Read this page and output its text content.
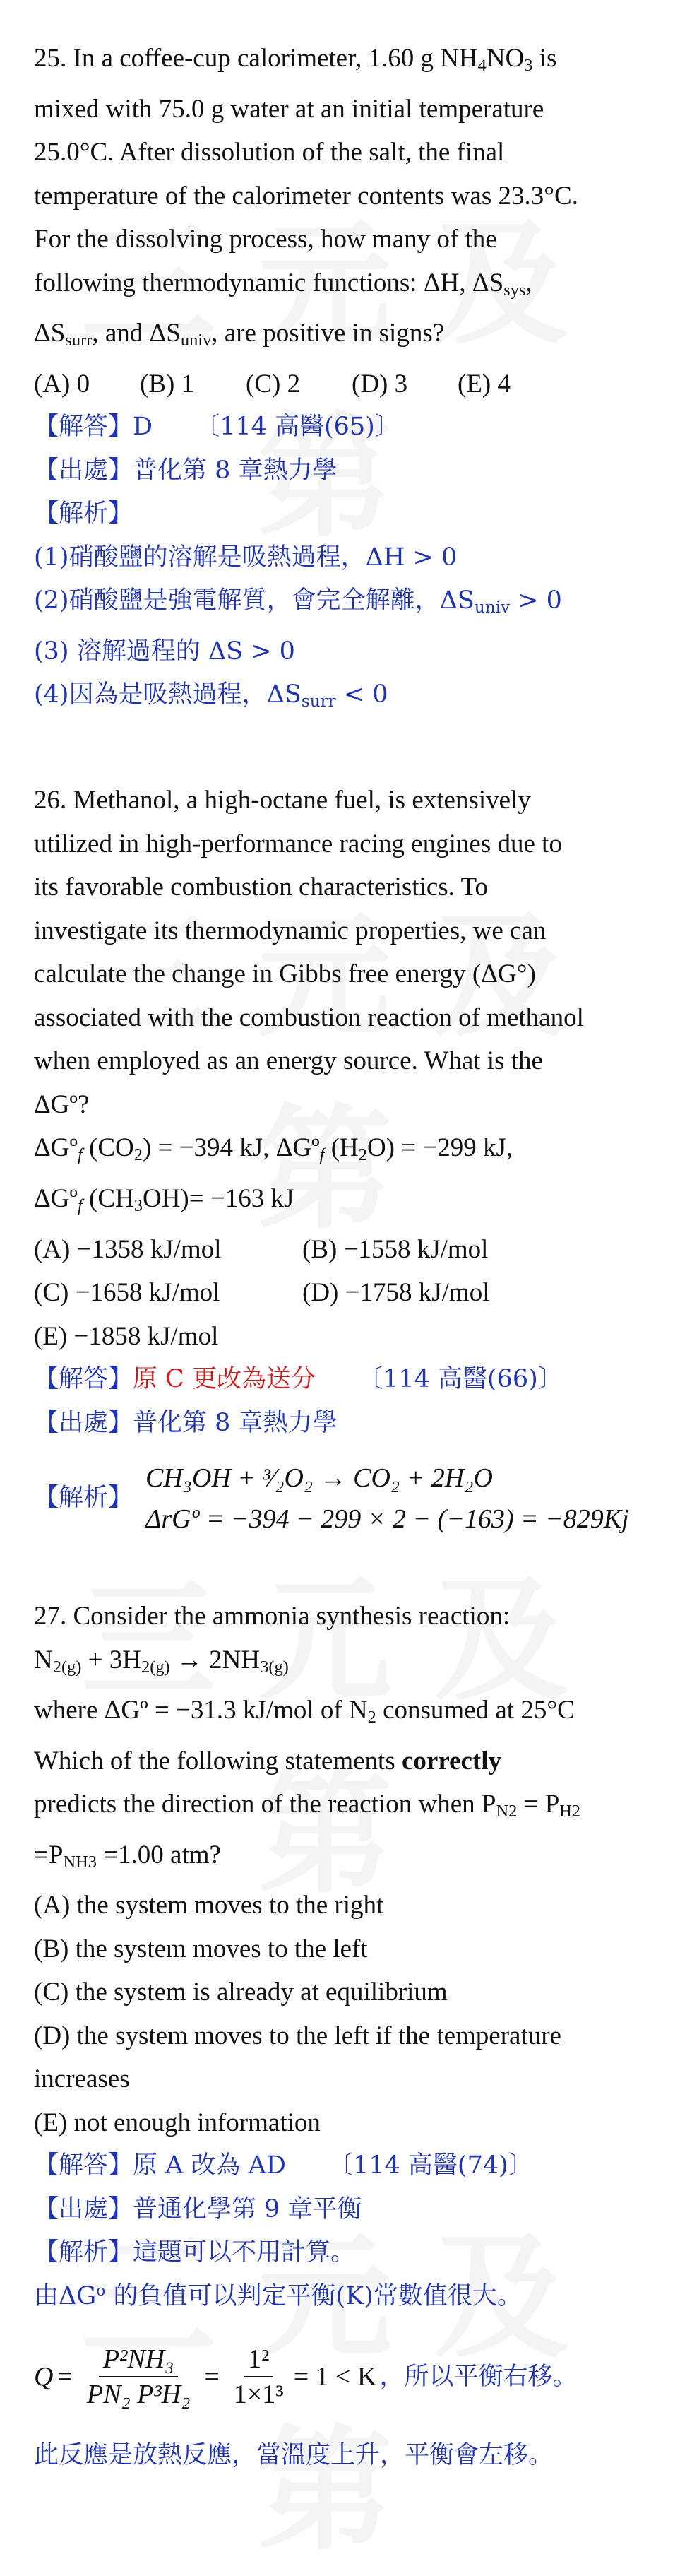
25. In a coffee-cup calorimeter, 1.60 g $NH_4NO_3$ is
mixed with 75.0 g water at an initial temperature
25.0°C. After dissolution of the salt, the final
temperature of the calorimeter contents was 23.3°C.
For the dissolving process, how many of the
following thermodynamic functions: ΔH, $\Delta S_{sys}$,
$\Delta S_{surr}$, and $\Delta S_{univ}$, are positive in signs?
(A) 0 (B) 1 (C) 2 (D) 3 (E) 4
【解答】D 〔114 高醫(65)〕
【出處】普化第 8 章熱力學
【解析】
(1)硝酸鹽的溶解是吸熱過程，ΔH > 0
(2)硝酸鹽是強電解質，會完全解離，$\Delta S_{univ} > 0$
(3) 溶解過程的 ΔS > 0
(4)因為是吸熱過程，$\Delta S_{surr} < 0$
26. Methanol, a high-octane fuel, is extensively
utilized in high-performance racing engines due to
its favorable combustion characteristics. To
investigate its thermodynamic properties, we can
calculate the change in Gibbs free energy (ΔG°)
associated with the combustion reaction of methanol
when employed as an energy source. What is the
ΔGº?
ΔGº$_f$ $(CO_2) = -394$ kJ, ΔGº$_f$ $(H_2O) = -299$ kJ,
ΔGº$_f$ $(CH_3OH)= -163$ kJ
(A) −1358 kJ/mol	(B) −1558 kJ/mol
(C) −1658 kJ/mol	(D) −1758 kJ/mol
(E) −1858 kJ/mol
【解答】原 C 更改為送分 〔114 高醫(66)〕
【出處】普化第 8 章熱力學
【解析】
CH₃OH + ³⁄₂O₂ → CO₂ + 2H₂O
ΔrGº = −394 − 299 × 2 − (−163) = −829Kj
27. Consider the ammonia synthesis reaction:
$N_{2(g)} + 3H_{2(g)} \to 2NH_{3(g)}$
where ΔGº = −31.3 kJ/mol of $N_2$ consumed at 25°C
Which of the following statements correctly
predicts the direction of the reaction when $P_{N2} = P_{H2}$
$=P_{NH3} =1.00$ atm?
(A) the system moves to the right
(B) the system moves to the left
(C) the system is already at equilibrium
(D) the system moves to the left if the temperature
increases
(E) not enough information
【解答】原 A 改為 AD 〔114 高醫(74)〕
【出處】普通化學第 9 章平衡
【解析】這題可以不用計算。
由$\Delta G^o$ 的負值可以判定平衡(K)常數值很大。
$Q = \frac{\text{P²NH₃}}{\text{PN₂ P³H₂}} = \frac{\text{1²}}{\text{1×1³}} = 1 < K$ ，所以平衡右移。
此反應是放熱反應，當溫度上升，平衡會左移。
